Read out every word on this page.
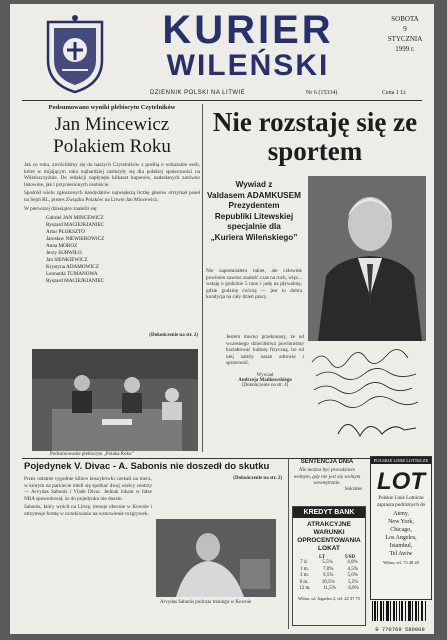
KURIER
WILEŃSKI
SOBOTA
9
STYCZNIA
1999 r.
DZIENNIK POLSKI NA LITWIE	Nr 6 (15334)	Cena 1 Lt
Podsumowano wyniki plebiscytu Czytelników
Jan Mincewicz
Polakiem Roku
Jak co roku, zwróciliśmy się do naszych Czytelników z prośbą o wskazanie osób, które w mijającym roku najbardziej zasłużyły się dla polskiej społeczności na Wileńszczyźnie. Do redakcji napłynęło kilkaset kuponów, nadesłanych zarówno listownie, jak i przyniesionych osobiście.
Spośród wielu zgłoszonych kandydatów największą liczbę głosów otrzymał poseł na Sejm RL, prezes Związku Polaków na Litwie Jan Mincewicz.
W pierwszej dziesiątce znaleźli się:
Gabriel JAN MINCEWICZ
Ryszard MACIEJKIANIEC
Artur PŁOKSZTO
Jarosław NIEWIEROWICZ
Anna MOROZ
Jerzy SURWIŁO
Jan SIENKIEWICZ
Krystyna ADAMOWICZ
Leonarda TUMANOWA
Ryszard MACIEJKIANIEC
(Dokończenie na str. 2)
Nie rozstaję się ze sportem
Wywiad z
Valdasem ADAMKUSEM
Prezydentem
Republiki Litewskiej
specjalnie dla
„Kuriera Wileńskiego”
Nie zapomniałem rakiet, ale człowiek powinien zawsze znaleźć czas na ruch, więc... wstaję o godzinie 5 rano i jadę na pływalnię, gdzie godzinę ćwiczę — jest to dobra kondycja na cały dzień pracy.
Jestem mocno przekonany, że od wczesnego dzieciństwa powinniśmy kształtować kulturę fizyczną, bo od niej zależy nasze zdrowie i sprawność.
Wywiad
Andrzeja Mańkowskiego
(Dokończenie na str. 4)
Podsumowanie plebiscytu „Polaka Roku”
Pojedynek V. Divac - A. Sabonis nie doszedł do skutku
Przez ostatnie tygodnie kibice koszykówki czekali na mecz, w którym na parkiecie mieli się spotkać dwaj wielcy centrzy — Arvydas Sabonis i Vlade Divac. Jednak lokaut w lidze NBA spowodował, że do pojedynku nie doszło.
Sabonis, który wrócił na Litwę, trenuje obecnie w Kownie i utrzymuje formę w oczekiwaniu na wznowienie rozgrywek.
(Dokończenie na str. 2)
Arvydas Sabonis podczas treningu w Kownie
SENTENCJA DNIA
Nie można być prawdziwie wolnym, gdy nie jest się wolnym wewnętrznie.
Sokrates
KREDYT BANK
ATRAKCYJNE
WARUNKI
OPROCENTOWANIA
LOKAT
LT	USD
7 d.	5,5%	4,0%
1 m.	7,0%	4,5%
3 m.	9,5%	5,0%
6 m.	10,5%	5,5%
12 m. 11,5% 6,0%
Wilno, ul. Jogailos 2, tel. 22 37 75
POLSKIE LINIE LOTNICZE
LOT
Polskie Linie Lotnicze
zaprasza podróżnych do
Ateny,
New York,
Chicago,
Los Angeles,
Istambul,
Tel Awiw
Wilno, tel. 73 48 20
9 770769 580008
